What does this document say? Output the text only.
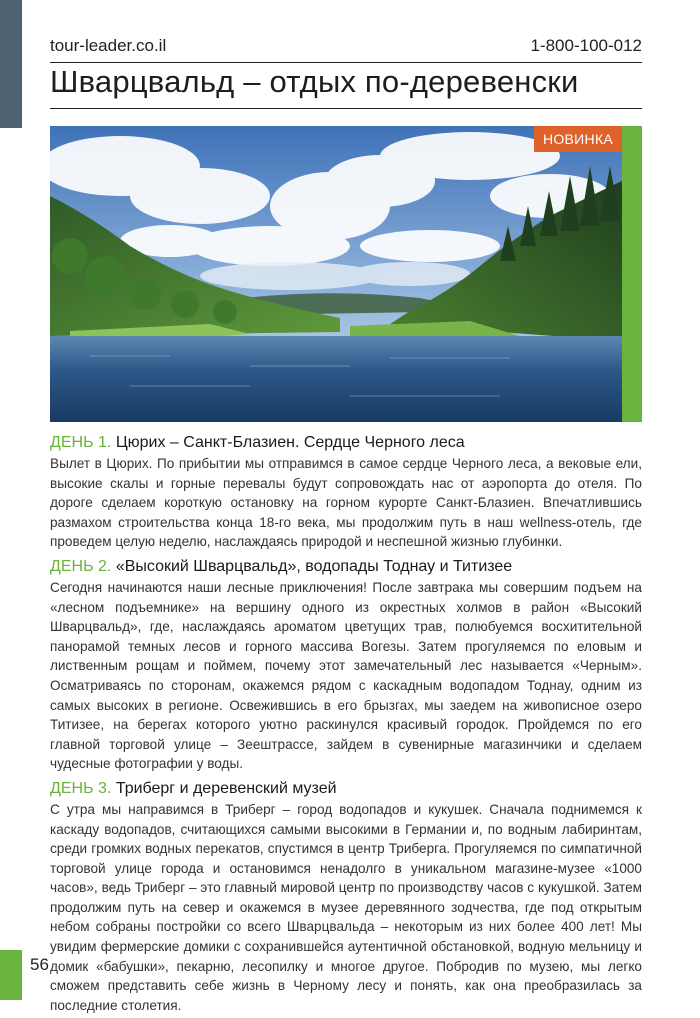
tour-leader.co.il	1-800-100-012
Шварцвальд – отдых по-деревенски
НОВИНКА
ДЕНЬ 1. Цюрих – Санкт-Блазиен. Сердце Черного леса

Вылет в Цюрих. По прибытии мы отправимся в самое сердце Черного леса, а вековые ели, высокие скалы и горные перевалы будут сопровождать нас от аэропорта до отеля. По дороге сделаем короткую остановку на горном курорте Санкт-Блазиен. Впечатлившись размахом строительства конца 18-го века, мы продолжим путь в наш wellness-отель, где проведем целую неделю, наслаждаясь природой и неспешной жизнью глубинки.

ДЕНЬ 2. «Высокий Шварцвальд», водопады Тоднау и Титизее

Сегодня начинаются наши лесные приключения! После завтрака мы совершим подъем на «лесном подъемнике» на вершину одного из окрестных холмов в район «Высокий Шварцвальд», где, наслаждаясь ароматом цветущих трав, полюбуемся восхитительной панорамой темных лесов и горного массива Вогезы. Затем прогуляемся по еловым и лиственным рощам и поймем, почему этот замечательный лес называется «Черным». Осматриваясь по сторонам, окажемся рядом с каскадным водопадом Тоднау, одним из самых высоких в регионе. Освежившись в его брызгах, мы заедем на живописное озеро Титизее, на берегах которого уютно раскинулся красивый городок. Пройдемся по его главной торговой улице – Зеештрассе, зайдем в сувенирные магазинчики и сделаем чудесные фотографии у воды.

ДЕНЬ 3. Триберг и деревенский музей

С утра мы направимся в Триберг – город водопадов и кукушек. Сначала поднимемся к каскаду водопадов, считающихся самыми высокими в Германии и, по водным лабиринтам, среди громких водных перекатов, спустимся в центр Триберга. Прогуляемся по симпатичной торговой улице города и остановимся ненадолго в уникальном магазине-музее «1000 часов», ведь Триберг – это главный мировой центр по производству часов с кукушкой. Затем продолжим путь на север и окажемся в музее деревянного зодчества, где под открытым небом собраны постройки со всего Шварцвальда – некоторым из них более 400 лет! Мы увидим фермерские домики с сохранившейся аутентичной обстановкой, водную мельницу и домик «бабушки», пекарню, лесопилку и многое другое. Побродив по музею, мы легко сможем представить себе жизнь в Черному лесу и понять, как она преобразилась за последние столетия.

56
